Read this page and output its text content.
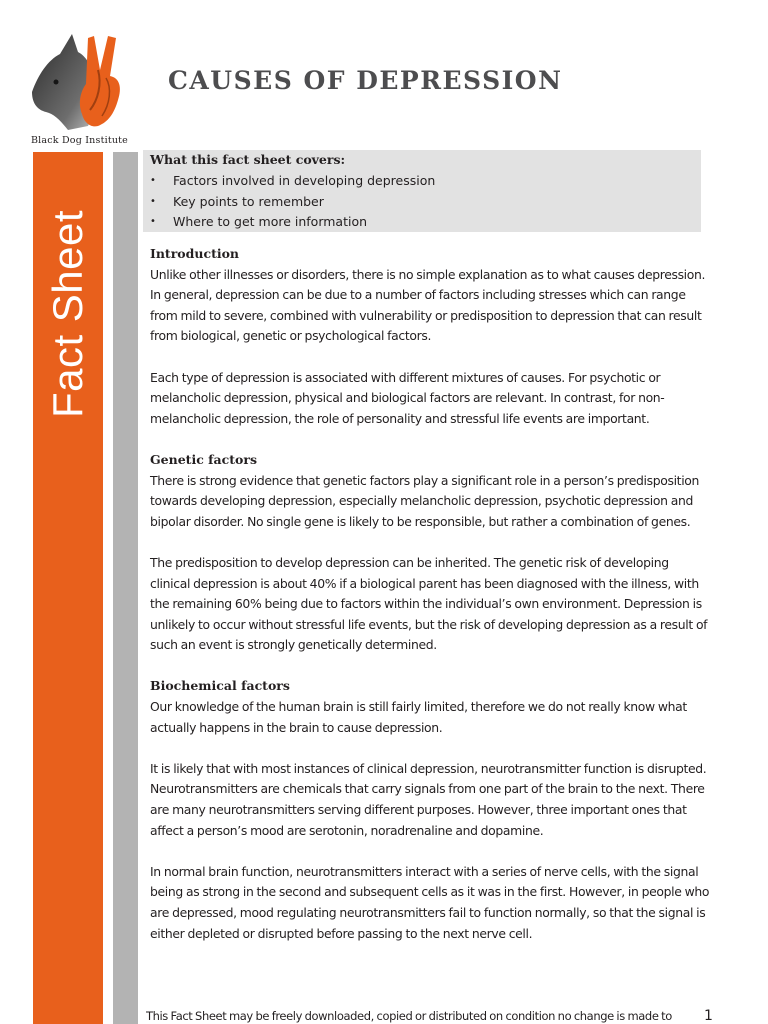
Black Dog Institute
CAUSES OF DEPRESSION
Fact Sheet
What this fact sheet covers:
• Factors involved in developing depression
• Key points to remember
• Where to get more information
Introduction

Unlike other illnesses or disorders, there is no simple explanation as to what causes depression. In general, depression can be due to a number of factors including stresses which can range from mild to severe, combined with vulnerability or predisposition to depression that can result from biological, genetic or psychological factors.

Each type of depression is associated with different mixtures of causes. For psychotic or melancholic depression, physical and biological factors are relevant. In contrast, for non-melancholic depression, the role of personality and stressful life events are important.

Genetic factors

There is strong evidence that genetic factors play a significant role in a person’s predisposition towards developing depression, especially melancholic depression, psychotic depression and bipolar disorder. No single gene is likely to be responsible, but rather a combination of genes.

The predisposition to develop depression can be inherited. The genetic risk of developing clinical depression is about 40% if a biological parent has been diagnosed with the illness, with the remaining 60% being due to factors within the individual’s own environment. Depression is unlikely to occur without stressful life events, but the risk of developing depression as a result of such an event is strongly genetically determined.

Biochemical factors

Our knowledge of the human brain is still fairly limited, therefore we do not really know what actually happens in the brain to cause depression.

It is likely that with most instances of clinical depression, neurotransmitter function is disrupted. Neurotransmitters are chemicals that carry signals from one part of the brain to the next. There are many neurotransmitters serving different purposes. However, three important ones that affect a person’s mood are serotonin, noradrenaline and dopamine.

In normal brain function, neurotransmitters interact with a series of nerve cells, with the signal being as strong in the second and subsequent cells as it was in the first. However, in people who are depressed, mood regulating neurotransmitters fail to function normally, so that the signal is either depleted or disrupted before passing to the next nerve cell.

This Fact Sheet may be freely downloaded, copied or distributed on condition no change is made to	1
